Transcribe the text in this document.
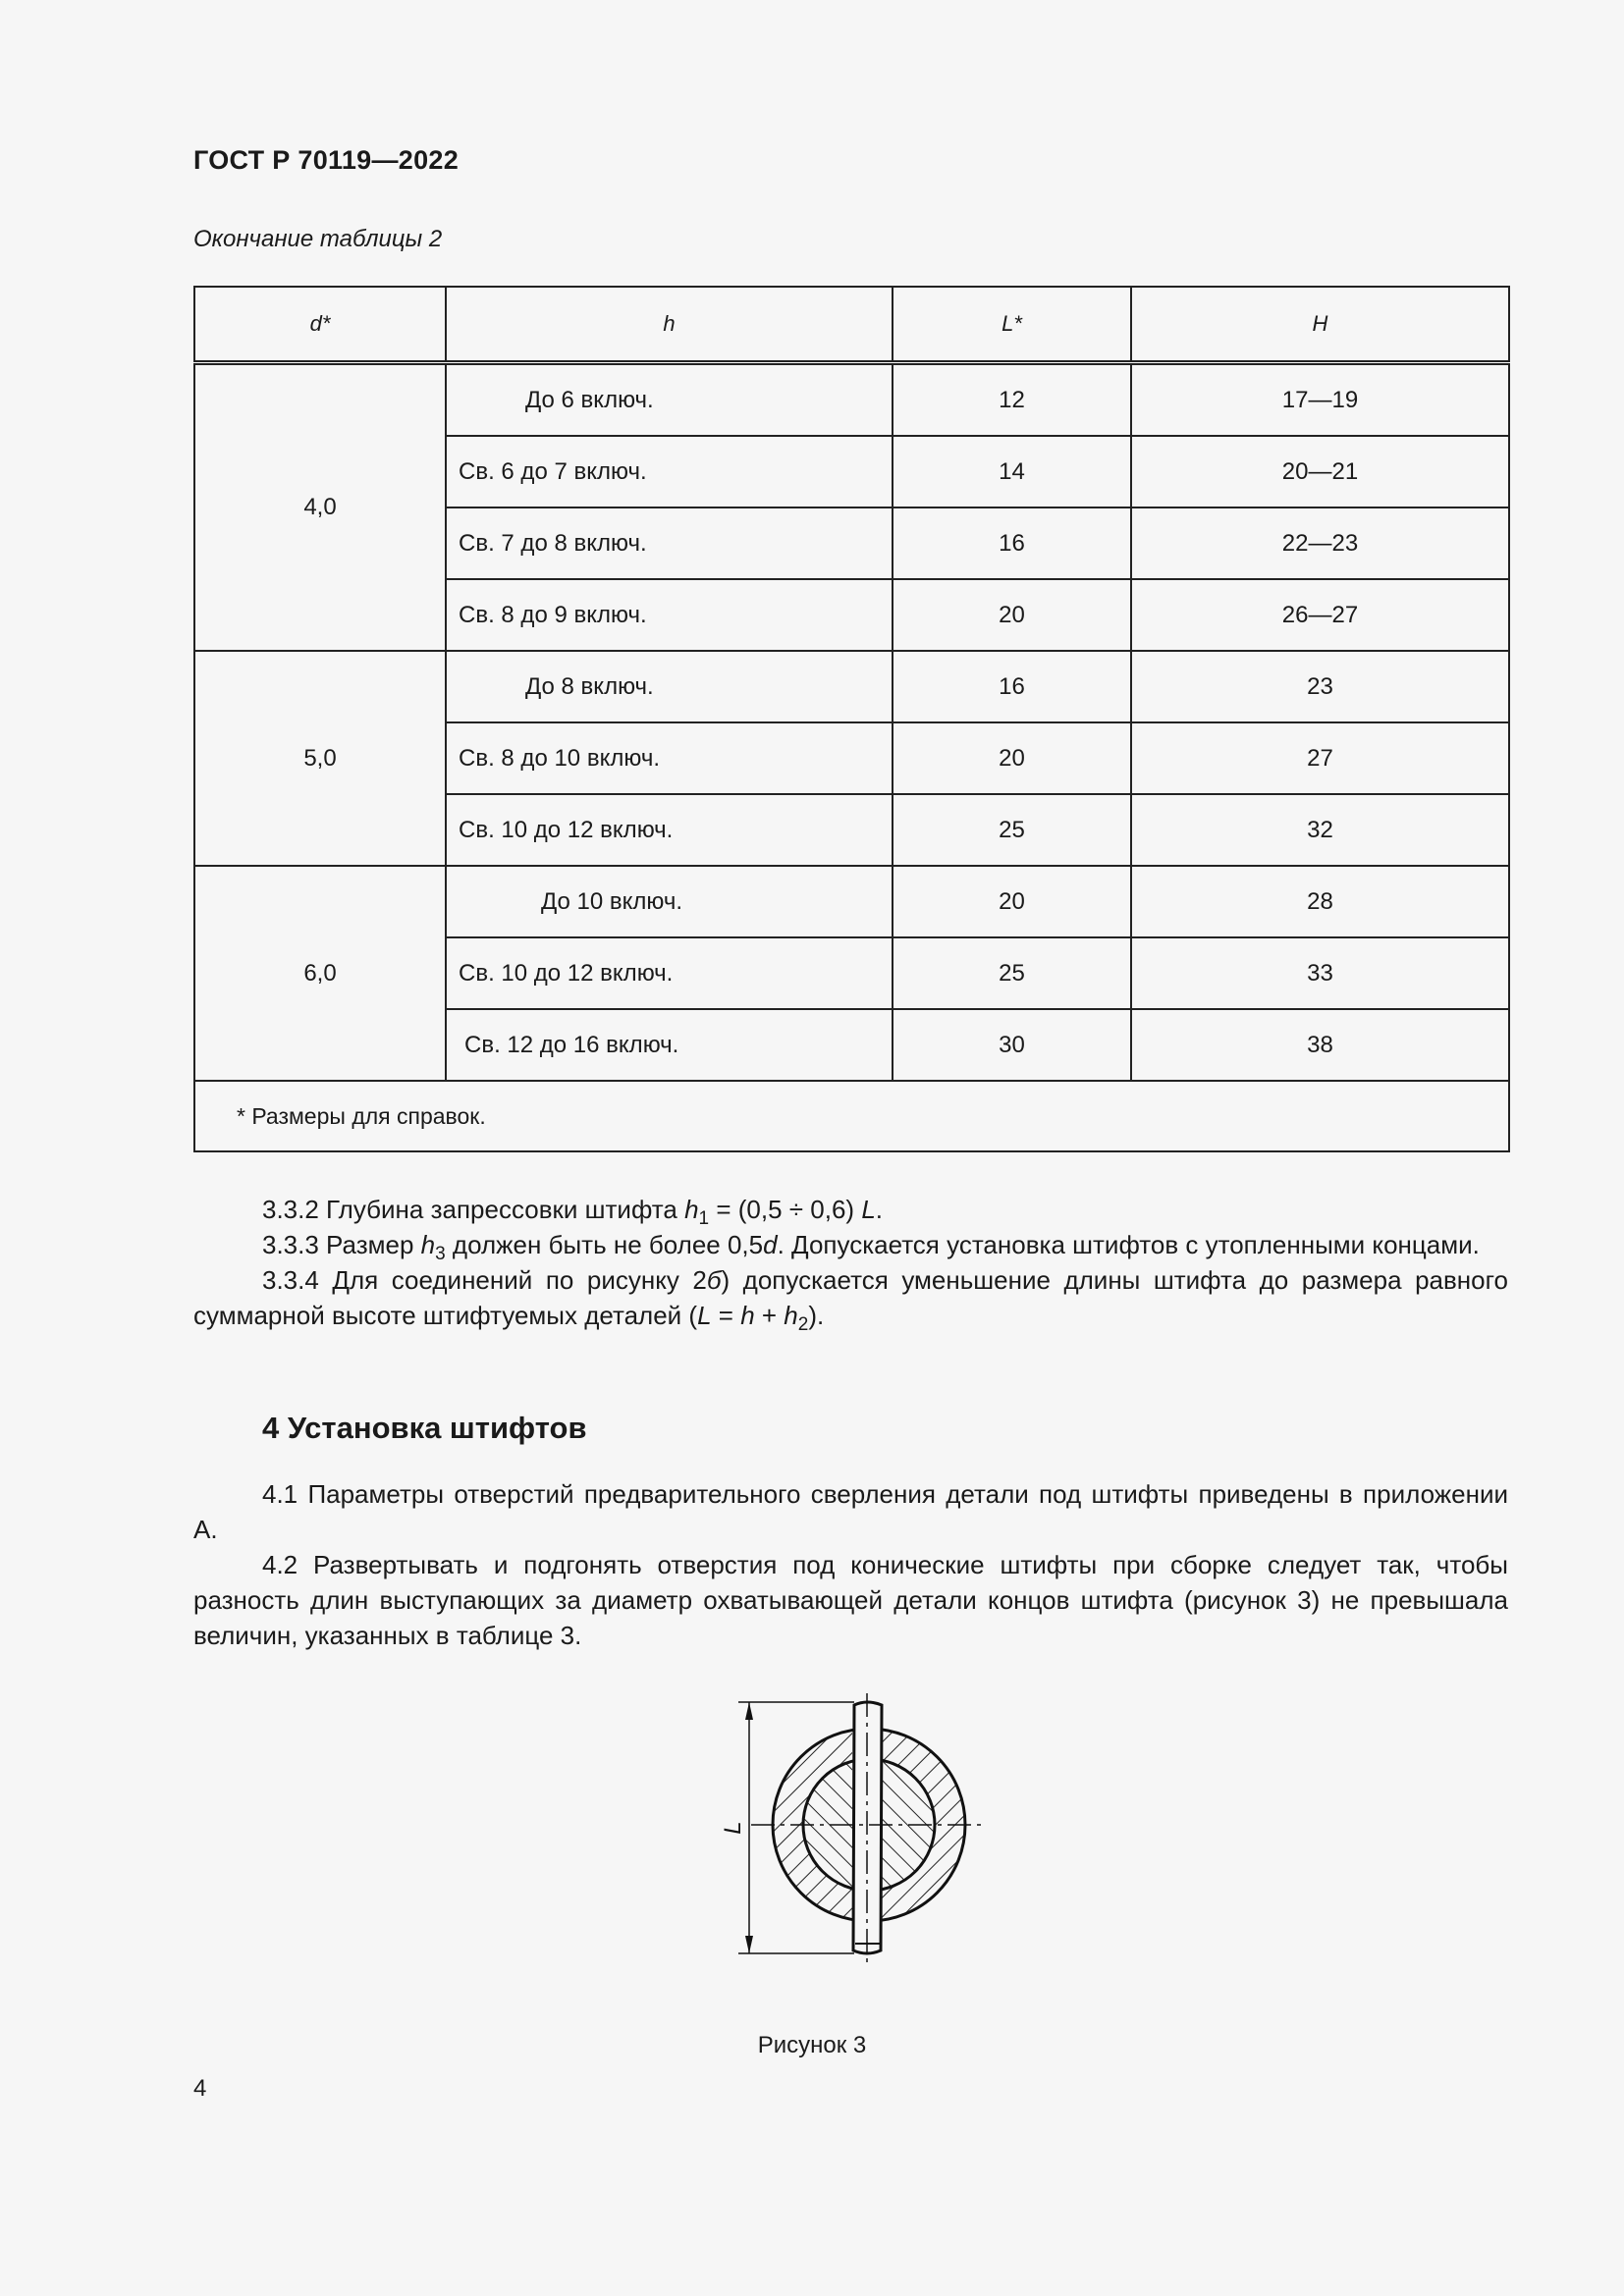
ГОСТ Р 70119—2022
Окончание таблицы 2
d*	h	L*	H
4,0	До 6 включ.	12	17—19
	Св. 6 до 7 включ.	14	20—21
	Св. 7 до 8 включ.	16	22—23
	Св. 8 до 9 включ.	20	26—27
5,0	До 8 включ.	16	23
	Св. 8 до 10 включ.	20	27
	Св. 10 до 12 включ.	25	32
6,0	До 10 включ.	20	28
	Св. 10 до 12 включ.	25	33
	Св. 12 до 16 включ.	30	38
* Размеры для справок.			

3.3.2 Глубина запрессовки штифта $h_1 = (0,5 \div 0,6)$ L.

3.3.3 Размер $h_3$ должен быть не более 0,5d. Допускается установка штифтов с утопленными концами.

3.3.4 Для соединений по рисунку 2б) допускается уменьшение длины штифта до размера равного суммарной высоте штифтуемых деталей $(L = h + h_2)$.

4 Установка штифтов

4.1 Параметры отверстий предварительного сверления детали под штифты приведены в приложении А.

4.2 Развертывать и подгонять отверстия под конические штифты при сборке следует так, чтобы разность длин выступающих за диаметр охватывающей детали концов штифта (рисунок 3) не превышала величин, указанных в таблице 3.

L
Рисунок 3
4
